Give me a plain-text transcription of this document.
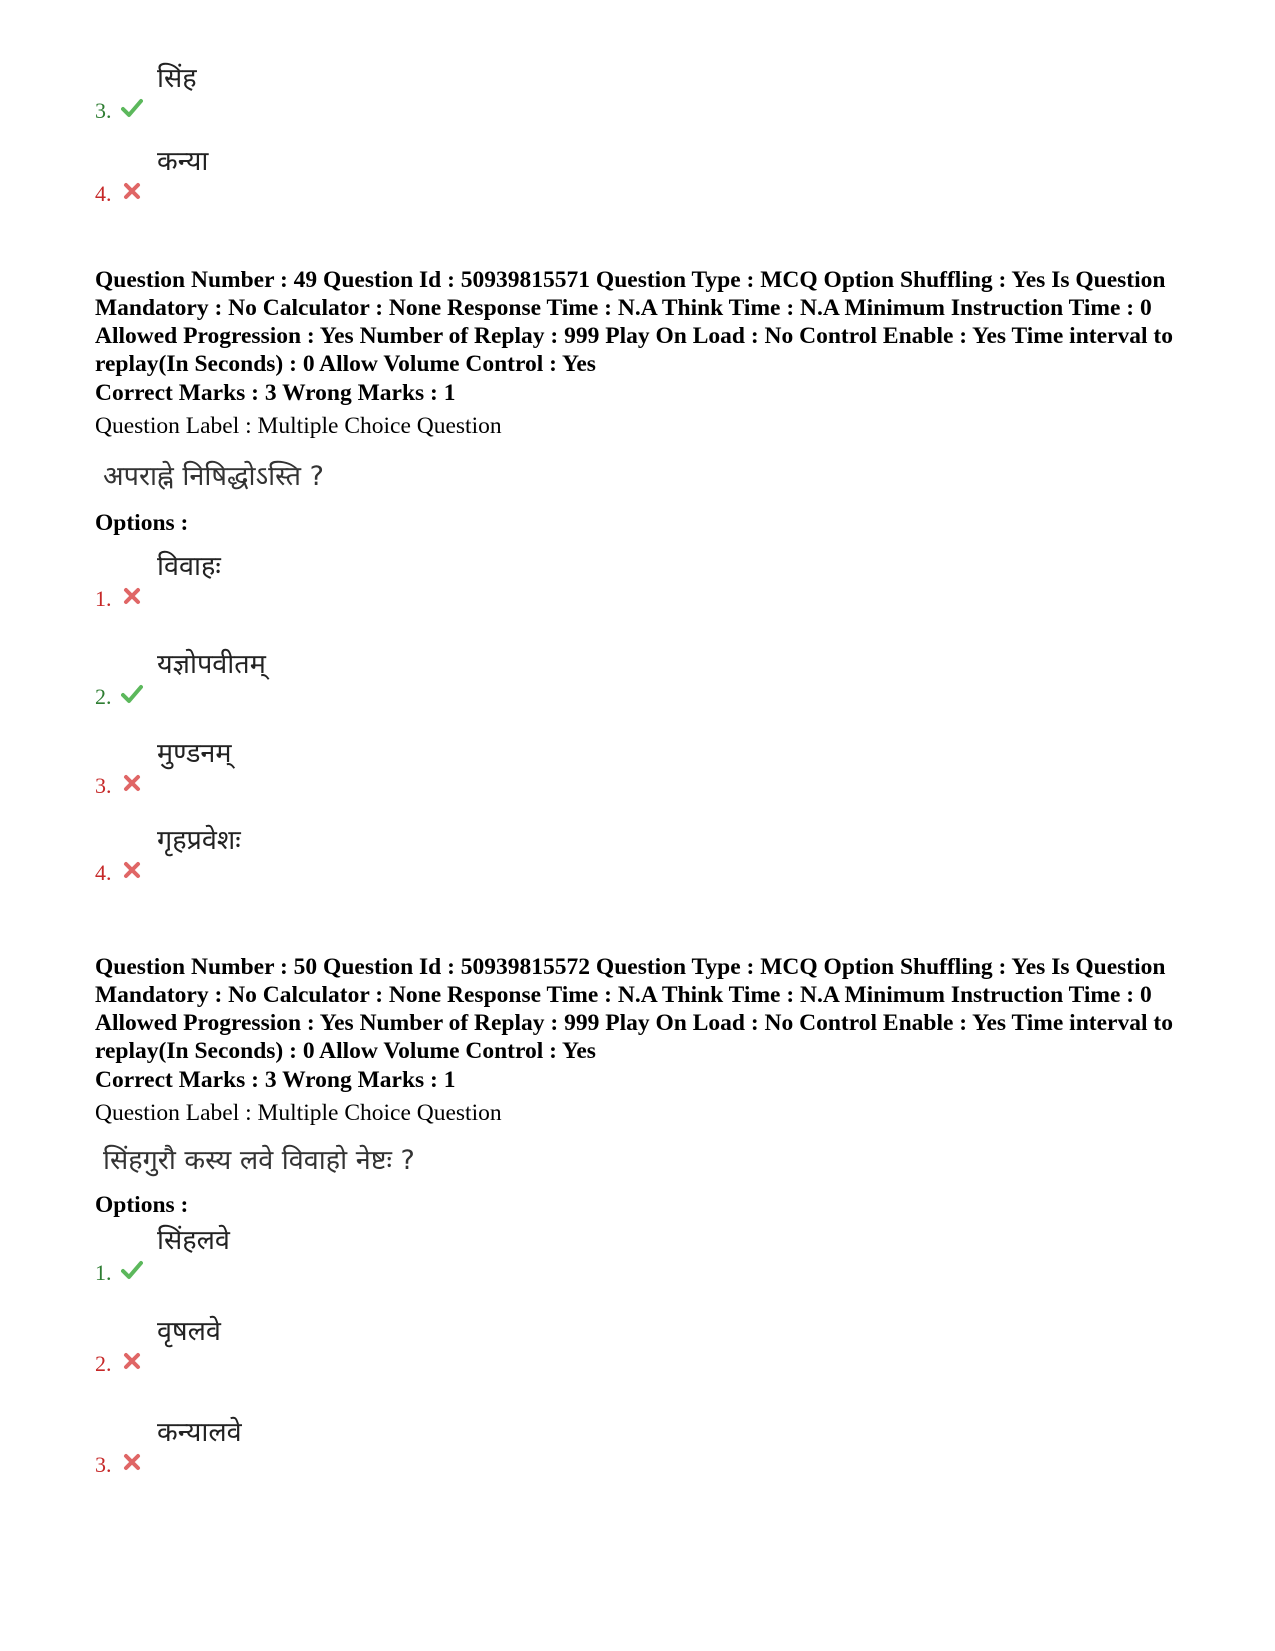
3.
सिंह
4.
कन्या

Question Number : 49 Question Id : 50939815571 Question Type : MCQ Option Shuffling : Yes Is Question Mandatory : No Calculator : None Response Time : N.A Think Time : N.A Minimum Instruction Time : 0 Allowed Progression : Yes Number of Replay : 999 Play On Load : No Control Enable : Yes Time interval to replay(In Seconds) : 0 Allow Volume Control : Yes

Correct Marks : 3 Wrong Marks : 1

Question Label : Multiple Choice Question

अपराह्ने निषिद्धोऽस्ति ?

Options :

1.
विवाहः
2.
यज्ञोपवीतम्
3.
मुण्डनम्
4.
गृहप्रवेशः

Question Number : 50 Question Id : 50939815572 Question Type : MCQ Option Shuffling : Yes Is Question Mandatory : No Calculator : None Response Time : N.A Think Time : N.A Minimum Instruction Time : 0 Allowed Progression : Yes Number of Replay : 999 Play On Load : No Control Enable : Yes Time interval to replay(In Seconds) : 0 Allow Volume Control : Yes

Correct Marks : 3 Wrong Marks : 1

Question Label : Multiple Choice Question

सिंहगुरौ कस्य लवे विवाहो नेष्टः ?

Options :

1.
सिंहलवे
2.
वृषलवे
3.
कन्यालवे
